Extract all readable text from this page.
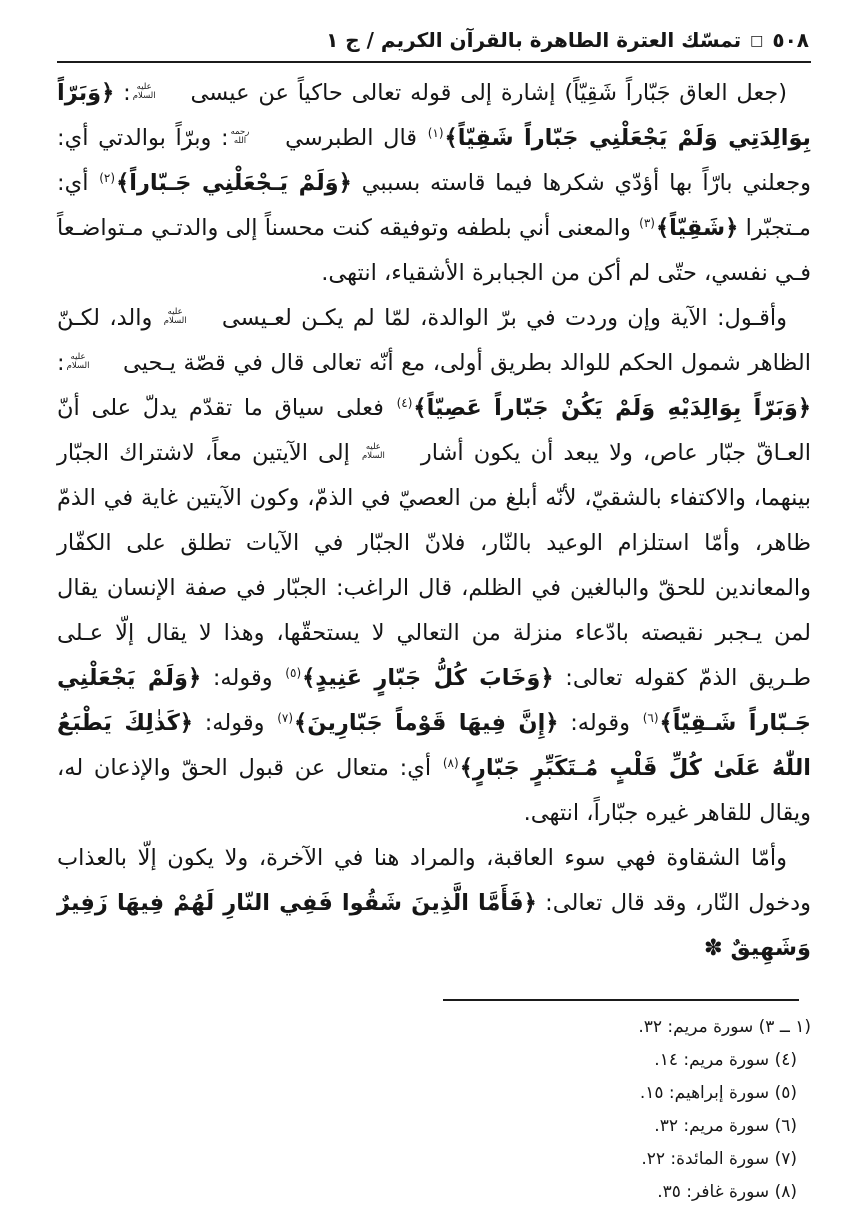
٥٠٨
□
تمسّك العترة الطاهرة بالقرآن الكريم / ج ١

(جعل العاق جَبّاراً شَقِيّاً) إشارة إلى قوله تعالى حاكياً عن عيسى
عليه
السلام
: ﴿وَبَرّاً بِوَالِدَتِي وَلَمْ يَجْعَلْنِي جَبّاراً شَقِيّاً﴾$^{(١)}$ قال الطبرسي
رحمه
الله
: وبرّاً بوالدتي أي: وجعلني بارّاً بها أؤدّي شكرها فيما قاسته بسببي ﴿وَلَمْ يَـجْعَلْنِي جَـبّاراً﴾$^{(٢)}$ أي: مـتجبّرا ﴿شَقِيّاً﴾$^{(٣)}$ والمعنى أني بلطفه وتوفيقه كنت محسناً إلى والدتـي مـتواضـعاً فـي نفسي، حتّى لم أكن من الجبابرة الأشقياء، انتهى.

وأقـول: الآية وإن وردت في برّ الوالدة، لمّا لم يكـن لعـيسى
عليه
السلام
والد، لكـنّ الظاهر شمول الحكم للوالد بطريق أولى، مع أنّه تعالى قال في قصّة يـحيى
عليه
السلام
: ﴿وَبَرّاً بِوَالِدَيْهِ وَلَمْ يَكُنْ جَبّاراً عَصِيّاً﴾$^{(٤)}$ فعلى سياق ما تقدّم يدلّ على أنّ العـاقّ جبّار عاص، ولا يبعد أن يكون أشار
عليه
السلام
إلى الآيتين معاً، لاشتراك الجبّار بينهما، والاكتفاء بالشقيّ، لأنّه أبلغ من العصيّ في الذمّ، وكون الآيتين غاية في الذمّ ظاهر، وأمّا استلزام الوعيد بالنّار، فلانّ الجبّار في الآيات تطلق على الكفّار والمعاندين للحقّ والبالغين في الظلم، قال الراغب: الجبّار في صفة الإنسان يقال لمن يـجبر نقيصته بادّعاء منزلة من التعالي لا يستحقّها، وهذا لا يقال إلّا عـلى طـريق الذمّ كقوله تعالى: ﴿وَخَابَ كُلُّ جَبّارٍ عَنِيدٍ﴾$^{(٥)}$ وقوله: ﴿وَلَمْ يَجْعَلْنِي جَـبّاراً شَـقِيّاً﴾$^{(٦)}$ وقوله: ﴿إِنَّ فِيهَا قَوْماً جَبّارِينَ﴾$^{(٧)}$ وقوله: ﴿كَذٰلِكَ يَطْبَعُ اللّٰهُ عَلَىٰ كُلِّ قَلْبٍ مُـتَكَبِّرٍ جَبّارٍ﴾$^{(٨)}$ أي: متعال عن قبول الحقّ والإذعان له، ويقال للقاهر غيره جبّاراً، انتهى.

وأمّا الشقاوة فهي سوء العاقبة، والمراد هنا في الآخرة، ولا يكون إلّا بالعذاب ودخول النّار، وقد قال تعالى: ﴿فَأَمَّا الَّذِينَ شَقُوا فَفِي النّارِ لَهُمْ فِيهَا زَفِيرٌ وَشَهِيقٌ ✽

(١ ــ ٣) سورة مريم: ٣٢.
(٤) سورة مريم: ١٤.
(٥) سورة إبراهيم: ١٥.
(٦) سورة مريم: ٣٢.
(٧) سورة المائدة: ٢٢.
(٨) سورة غافر: ٣٥.
